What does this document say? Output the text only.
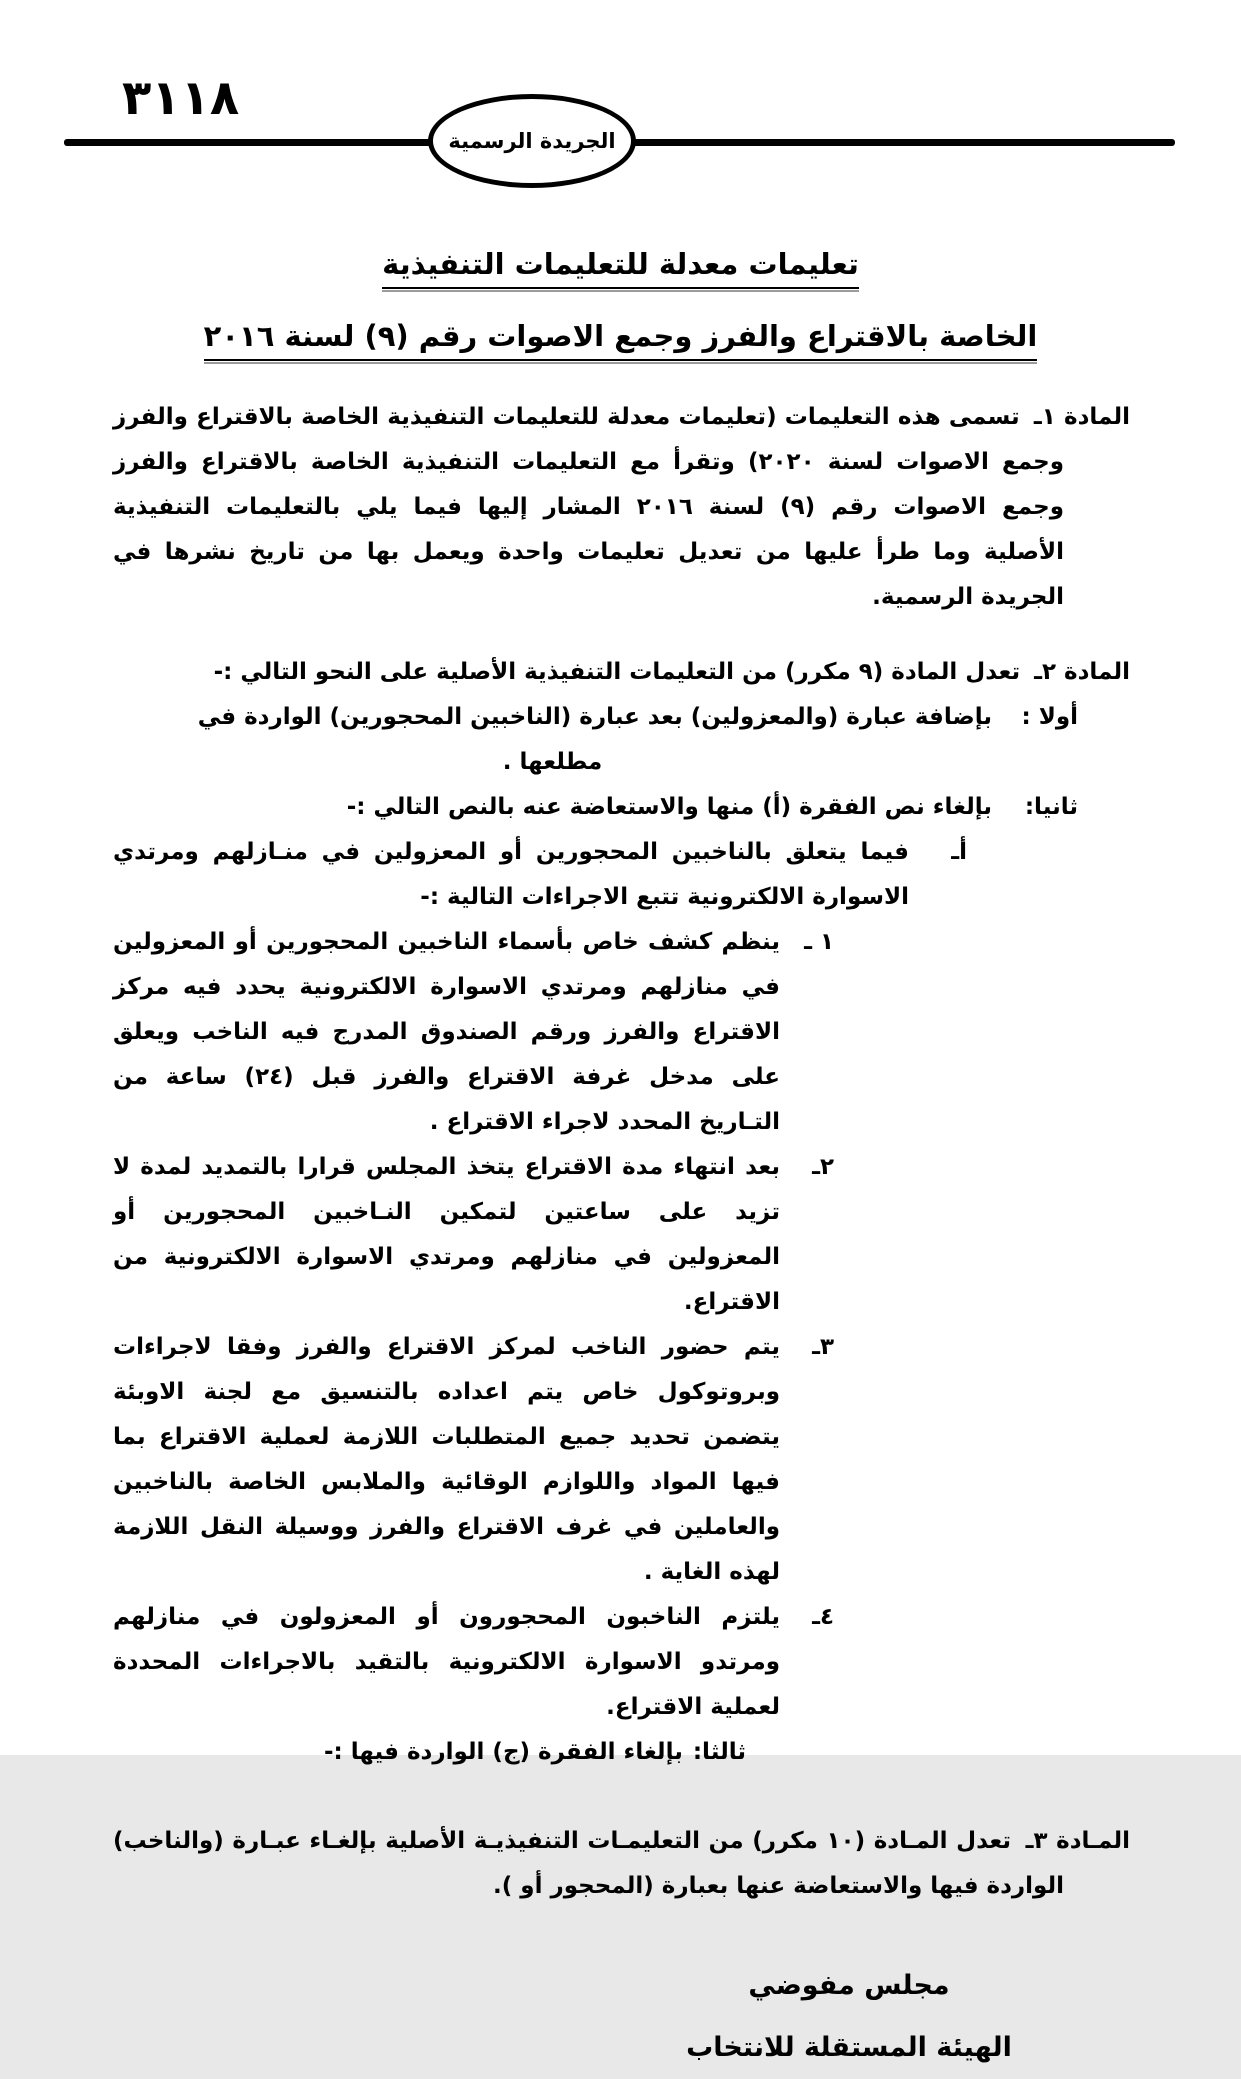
٣١١٨
الجريدة الرسمية
تعليمات معدلة للتعليمات التنفيذية
الخاصة بالاقتراع والفرز وجمع الاصوات رقم (٩) لسنة ٢٠١٦

المادة ١ـ تسمى هذه التعليمات (تعليمات معدلة للتعليمات التنفيذية الخاصة بالاقتراع والفرز وجمع الاصوات لسنة ٢٠٢٠) وتقرأ مع التعليمات التنفيذية الخاصة بالاقتراع والفرز وجمع الاصوات رقم (٩) لسنة ٢٠١٦ المشار إليها فيما يلي بالتعليمات التنفيذية الأصلية وما طرأ عليها من تعديل تعليمات واحدة ويعمل بها من تاريخ نشرها في الجريدة الرسمية.

المادة ٢ـ تعدل المادة (٩ مكرر) من التعليمات التنفيذية الأصلية على النحو التالي :-

أولا :
بإضافة عبارة (والمعزولين) بعد عبارة (الناخبين المحجورين) الواردة في
مطلعها .
ثانيا:
بإلغاء نص الفقرة (أ) منها والاستعاضة عنه بالنص التالي :-
أـ
فيما يتعلق بالناخبين المحجورين أو المعزولين في منـازلهم ومرتدي الاسوارة الالكترونية تتبع الاجراءات التالية :-
١ ـ
ينظم كشف خاص بأسماء الناخبين المحجورين أو المعزولين في منازلهم ومرتدي الاسوارة الالكترونية يحدد فيه مركز الاقتراع والفرز ورقم الصندوق المدرج فيه الناخب ويعلق على مدخل غرفة الاقتراع والفرز قبل (٢٤) ساعة من التـاريخ المحدد لاجراء الاقتراع .
٢ـ
بعد انتهاء مدة الاقتراع يتخذ المجلس قرارا بالتمديد لمدة لا تزيد على ساعتين لتمكين النـاخبين المحجورين أو المعزولين في منازلهم ومرتدي الاسوارة الالكترونية من الاقتراع.
٣ـ
يتم حضور الناخب لمركز الاقتراع والفرز وفقا لاجراءات وبروتوكول خاص يتم اعداده بالتنسيق مع لجنة الاوبئة يتضمن تحديد جميع المتطلبات اللازمة لعملية الاقتراع بما فيها المواد واللوازم الوقائية والملابس الخاصة بالناخبين والعاملين في غرف الاقتراع والفرز ووسيلة النقل اللازمة لهذه الغاية .
٤ـ
يلتزم الناخبون المحجورون أو المعزولون في منازلهم ومرتدو الاسوارة الالكترونية بالتقيد بالاجراءات المحددة لعملية الاقتراع.
ثالثا:
بإلغاء الفقرة (ج) الواردة فيها :-

المـادة ٣ـ تعدل المـادة (١٠ مكرر) من التعليمـات التنفيذيـة الأصلية بإلغـاء عبـارة (والناخب) الواردة فيها والاستعاضة عنها بعبارة (المحجور أو ).

مجلس مفوضي
الهيئة المستقلة للانتخاب
